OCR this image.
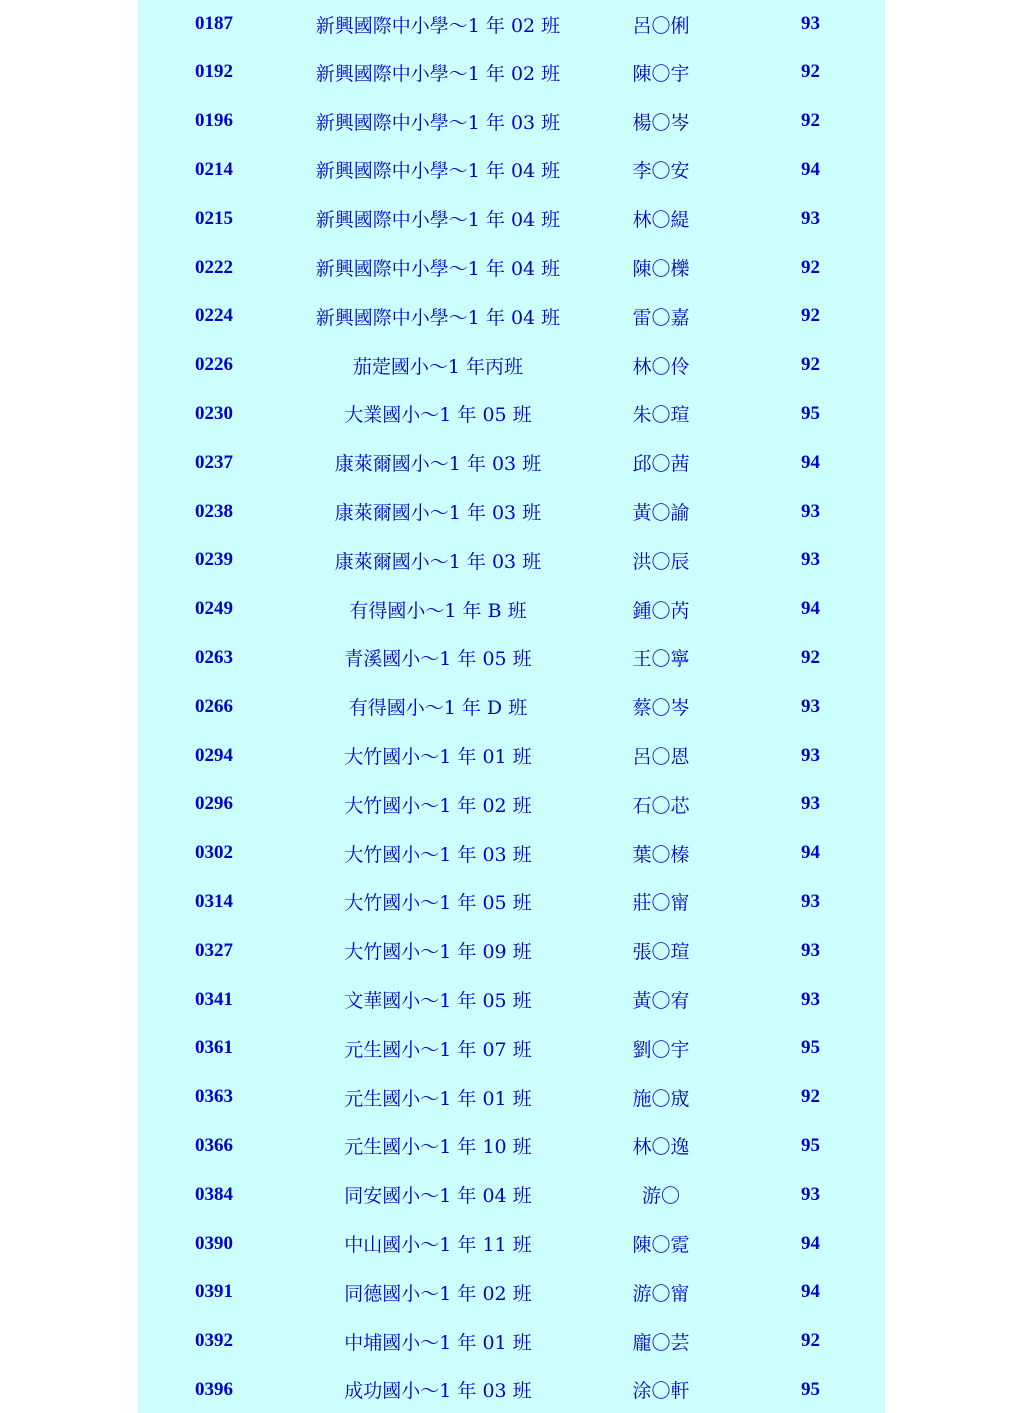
0187	新興國際中小學～1 年 02 班	呂〇俐	93
0192	新興國際中小學～1 年 02 班	陳〇宇	92
0196	新興國際中小學～1 年 03 班	楊〇岑	92
0214	新興國際中小學～1 年 04 班	李〇安	94
0215	新興國際中小學～1 年 04 班	林〇緹	93
0222	新興國際中小學～1 年 04 班	陳〇櫟	92
0224	新興國際中小學～1 年 04 班	雷〇嘉	92
0226	茄萣國小～1 年丙班	林〇伶	92
0230	大業國小～1 年 05 班	朱〇瑄	95
0237	康萊爾國小～1 年 03 班	邱〇茜	94
0238	康萊爾國小～1 年 03 班	黃〇諭	93
0239	康萊爾國小～1 年 03 班	洪〇辰	93
0249	有得國小～1 年 B 班	鍾〇芮	94
0263	青溪國小～1 年 05 班	王〇寧	92
0266	有得國小～1 年 D 班	蔡〇岑	93
0294	大竹國小～1 年 01 班	呂〇恩	93
0296	大竹國小～1 年 02 班	石〇芯	93
0302	大竹國小～1 年 03 班	葉〇榛	94
0314	大竹國小～1 年 05 班	莊〇甯	93
0327	大竹國小～1 年 09 班	張〇瑄	93
0341	文華國小～1 年 05 班	黃〇宥	93
0361	元生國小～1 年 07 班	劉〇宇	95
0363	元生國小～1 年 01 班	施〇宬	92
0366	元生國小～1 年 10 班	林〇逸	95
0384	同安國小～1 年 04 班	游〇	93
0390	中山國小～1 年 11 班	陳〇霓	94
0391	同德國小～1 年 02 班	游〇甯	94
0392	中埔國小～1 年 01 班	龐〇芸	92
0396	成功國小～1 年 03 班	涂〇軒	95
